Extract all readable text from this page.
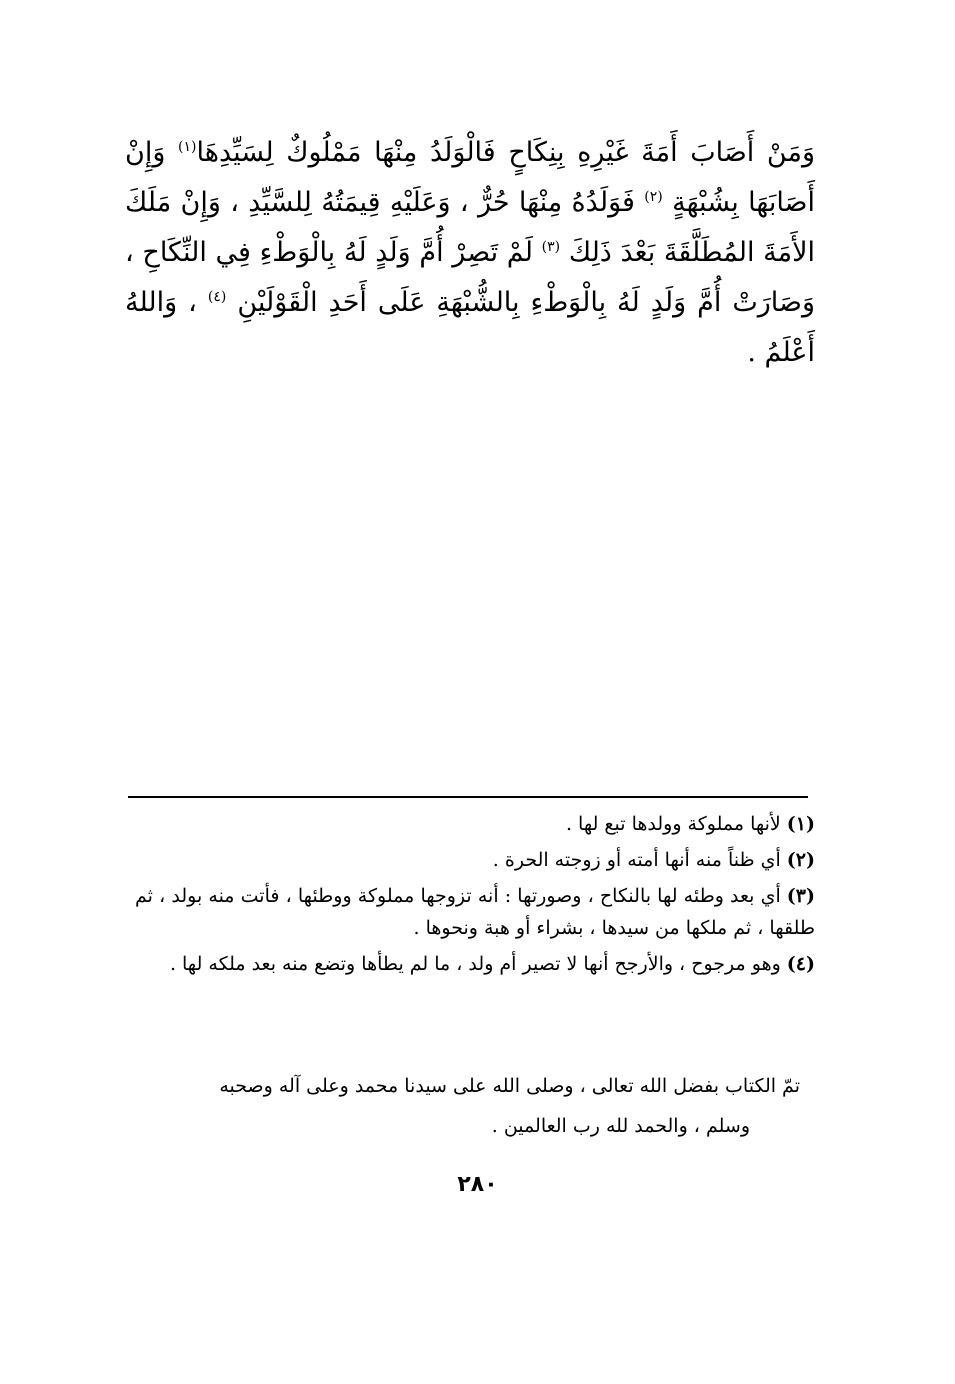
وَمَنْ أَصَابَ أَمَةَ غَيْرِهِ بِنِكَاحٍ فَالْوَلَدُ مِنْهَا مَمْلُوكٌ لِسَيِّدِهَا$^{(١)}$ وَإِنْ أَصَابَهَا بِشُبْهَةٍ $^{(٢)}$ فَوَلَدُهُ مِنْهَا حُرٌّ ، وَعَلَيْهِ قِيمَتُهُ لِلسَّيِّدِ ، وَإِنْ مَلَكَ الأَمَةَ المُطَلَّقَةَ بَعْدَ ذَلِكَ $^{(٣)}$ لَمْ تَصِرْ أُمَّ وَلَدٍ لَهُ بِالْوَطْءِ فِي النِّكَاحِ ، وَصَارَتْ أُمَّ وَلَدٍ لَهُ بِالْوَطْءِ بِالشُّبْهَةِ عَلَى أَحَدِ الْقَوْلَيْنِ $^{(٤)}$ ، وَاللهُ أَعْلَمُ .

(١)لأنها مملوكة وولدها تبع لها .

(٢)أي ظناً منه أنها أمته أو زوجته الحرة .

(٣)أي بعد وطئه لها بالنكاح ، وصورتها : أنه تزوجها مملوكة ووطئها ، فأتت منه بولد ، ثم طلقها ، ثم ملكها من سيدها ، بشراء أو هبة ونحوها .

(٤)وهو مرجوح ، والأرجح أنها لا تصير أم ولد ، ما لم يطأها وتضع منه بعد ملكه لها .

تمّ الكتاب بفضل الله تعالى ، وصلى الله على سيدنا محمد وعلى آله وصحبه
وسلم ، والحمد لله رب العالمين .
٢٨٠
